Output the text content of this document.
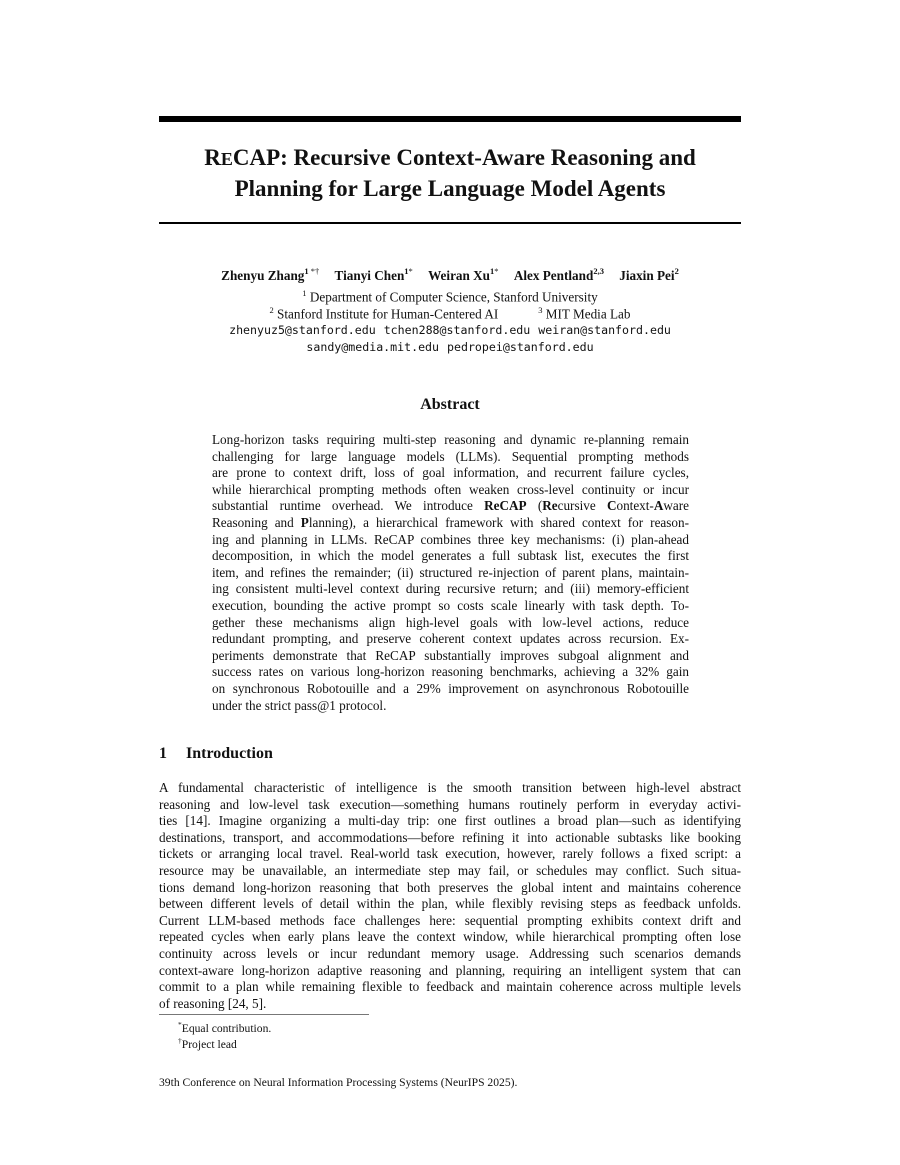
RECAP: Recursive Context-Aware Reasoning and
Planning for Large Language Model Agents
Zhenyu Zhang$^1$ *† Tianyi Chen$^{1*}$ Weiran $Xu^{1*}$ Alex Pentland$^{2,3}$ Jiaxin Pei$^2$
$^1$ Department of Computer Science, Stanford University
$^2$ Stanford Institute for Human-Centered AI	$^3$ MIT Media Lab
zhenyuz5@stanford.edu tchen288@stanford.edu weiran@stanford.edu
sandy@media.mit.edu pedropei@stanford.edu
Abstract
Long-horizon tasks requiring multi-step reasoning and dynamic re-planning remain
challenging for large language models (LLMs). Sequential prompting methods
are prone to context drift, loss of goal information, and recurrent failure cycles,
while hierarchical prompting methods often weaken cross-level continuity or incur
substantial runtime overhead. We introduce ReCAP (Recursive Context-Aware
Reasoning and Planning), a hierarchical framework with shared context for reason-
ing and planning in LLMs. ReCAP combines three key mechanisms: (i) plan-ahead
decomposition, in which the model generates a full subtask list, executes the first
item, and refines the remainder; (ii) structured re-injection of parent plans, maintain-
ing consistent multi-level context during recursive return; and (iii) memory-efficient
execution, bounding the active prompt so costs scale linearly with task depth. To-
gether these mechanisms align high-level goals with low-level actions, reduce
redundant prompting, and preserve coherent context updates across recursion. Ex-
periments demonstrate that ReCAP substantially improves subgoal alignment and
success rates on various long-horizon reasoning benchmarks, achieving a 32% gain
on synchronous Robotouille and a 29% improvement on asynchronous Robotouille
under the strict pass@1 protocol.
1 Introduction
A fundamental characteristic of intelligence is the smooth transition between high-level abstract
reasoning and low-level task execution—something humans routinely perform in everyday activi-
ties [14]. Imagine organizing a multi-day trip: one first outlines a broad plan—such as identifying
destinations, transport, and accommodations—before refining it into actionable subtasks like booking
tickets or arranging local travel. Real-world task execution, however, rarely follows a fixed script: a
resource may be unavailable, an intermediate step may fail, or schedules may conflict. Such situa-
tions demand long-horizon reasoning that both preserves the global intent and maintains coherence
between different levels of detail within the plan, while flexibly revising steps as feedback unfolds.
Current LLM-based methods face challenges here: sequential prompting exhibits context drift and
repeated cycles when early plans leave the context window, while hierarchical prompting often lose
continuity across levels or incur redundant memory usage. Addressing such scenarios demands
context-aware long-horizon adaptive reasoning and planning, requiring an intelligent system that can
commit to a plan while remaining flexible to feedback and maintain coherence across multiple levels
of reasoning [24, 5].
*Equal contribution.
†Project lead
39th Conference on Neural Information Processing Systems (NeurIPS 2025).
